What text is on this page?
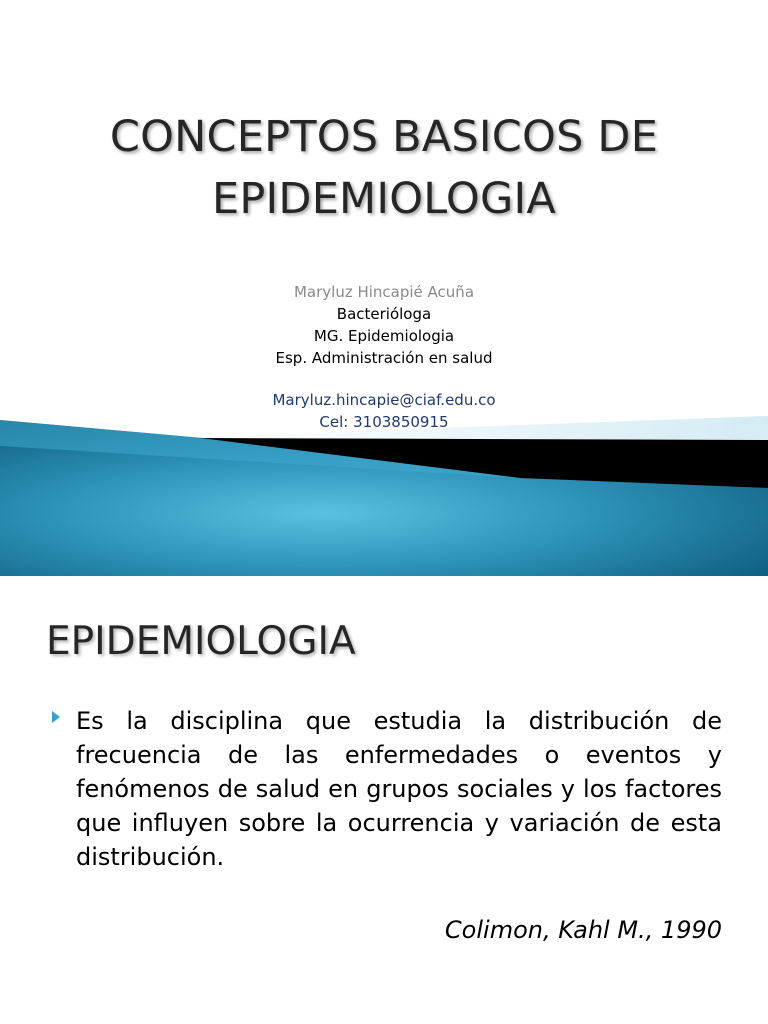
CONCEPTOS BASICOS DE
EPIDEMIOLOGIA
Maryluz Hincapié Acuña
Bacterióloga
MG. Epidemiologia
Esp. Administración en salud
Maryluz.hincapie@ciaf.edu.co
Cel: 3103850915
EPIDEMIOLOGIA

Es la disciplina que estudia la distribución de frecuencia de las enfermedades o eventos y fenómenos de salud en grupos sociales y los factores que influyen sobre la ocurrencia y variación de esta distribución.

Colimon, Kahl M., 1990
